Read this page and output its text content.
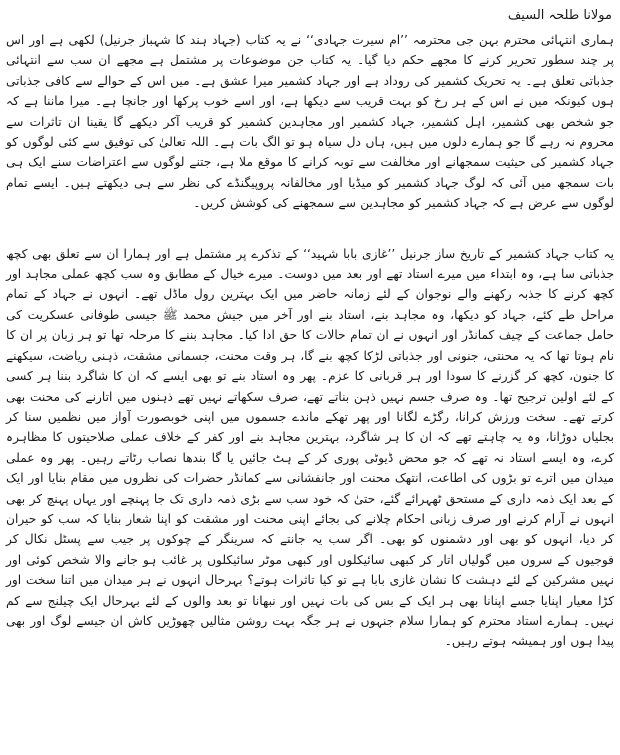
مولانا طلحہ السیف

ہماری انتہائی محترم بہن جی محترمہ ’’ام سیرت جہادی‘‘ نے یہ کتاب (جہاد ہند کا شہباز جرنیل) لکھی ہے اور اس پر چند سطور تحریر کرنے کا مجھے حکم دیا گیا۔ یہ کتاب جن موضوعات پر مشتمل ہے مجھے ان سب سے انتہائی جذباتی تعلق ہے۔ یہ تحریک کشمیر کی روداد ہے اور جہاد کشمیر میرا عشق ہے۔ میں اس کے حوالے سے کافی جذباتی ہوں کیونکہ میں نے اس کے ہر رخ کو بہت قریب سے دیکھا ہے، اور اسے خوب پرکھا اور جانچا ہے۔ میرا ماننا ہے کہ جو شخص بھی کشمیر، اہل کشمیر، جہاد کشمیر اور مجاہدین کشمیر کو قریب آکر دیکھے گا یقینا ان تاثرات سے محروم نہ رہے گا جو ہمارے دلوں میں ہیں، ہاں دل سیاہ ہو تو الگ بات ہے۔ اللہ تعالیٰ کی توفیق سے کئی لوگوں کو جہاد کشمیر کی حیثیت سمجھانے اور مخالفت سے توبہ کرانے کا موقع ملا ہے، جتنے لوگوں سے اعتراضات سنے ایک ہی بات سمجھ میں آئی کہ لوگ جہاد کشمیر کو میڈیا اور مخالفانہ پروپیگنڈے کی نظر سے ہی دیکھتے ہیں۔ ایسے تمام لوگوں سے عرض ہے کہ جہاد کشمیر کو مجاہدین سے سمجھنے کی کوشش کریں۔

یہ کتاب جہاد کشمیر کے تاریخ ساز جرنیل ’’غازی بابا شہید‘‘ کے تذکرے پر مشتمل ہے اور ہمارا ان سے تعلق بھی کچھ جذباتی سا ہے، وہ ابتداء میں میرے استاد تھے اور بعد میں دوست۔ میرے خیال کے مطابق وہ سب کچھ عملی مجاہد اور کچھ کرنے کا جذبہ رکھنے والے نوجوان کے لئے زمانہ حاضر میں ایک بہترین رول ماڈل تھے۔ انہوں نے جہاد کے تمام مراحل طے کئے، جہاد کو دیکھا، وہ مجاہد بنے، استاد بنے اور آخر میں جیش محمد ﷺ جیسی طوفانی عسکریت کی حامل جماعت کے چیف کمانڈر اور انہوں نے ان تمام حالات کا حق ادا کیا۔ مجاہد بننے کا مرحلہ تھا تو ہر زبان پر ان کا نام ہوتا تھا کہ یہ محنتی، جنونی اور جذباتی لڑکا کچھ بنے گا، ہر وقت محنت، جسمانی مشقت، ذہنی ریاضت، سیکھنے کا جنون، کچھ کر گزرنے کا سودا اور ہر قربانی کا عزم۔ پھر وہ استاد بنے تو بھی ایسے کہ ان کا شاگرد بننا ہر کسی کے لئے اولین ترجیح تھا۔ وہ صرف جسم نہیں ذہن بناتے تھے، صرف سکھاتے نہیں تھے ذہنوں میں اتارنے کی محنت بھی کرتے تھے۔ سخت ورزش کرانا، رگڑے لگانا اور پھر تھکے ماندے جسموں میں اپنی خوبصورت آواز میں نظمیں سنا کر بجلیاں دوڑانا، وہ یہ چاہتے تھے کہ ان کا ہر شاگرد، بہترین مجاہد بنے اور کفر کے خلاف عملی صلاحیتوں کا مظاہرہ کرے، وہ ایسے استاد نہ تھے کہ جو محض ڈیوٹی پوری کر کے ہٹ جائیں یا گا بندھا نصاب رٹاتے رہیں۔ پھر وہ عملی میدان میں اترے تو بڑوں کی اطاعت، انتھک محنت اور جانفشانی سے کمانڈر حضرات کی نظروں میں مقام بنایا اور ایک کے بعد ایک ذمہ داری کے مستحق ٹھہرائے گئے، حتیٰ کہ خود سب سے بڑی ذمہ داری تک جا پہنچے اور یہاں پہنچ کر بھی انہوں نے آرام کرنے اور صرف زبانی احکام چلانے کی بجائے اپنی محنت اور مشقت کو اپنا شعار بنایا کہ سب کو حیران کر دیا، انہوں کو بھی اور دشمنوں کو بھی۔ اگر سب یہ جانتے کہ سرینگر کے چوکوں پر جیب سے پسٹل نکال کر فوجیوں کے سروں میں گولیاں اتار کر کبھی سائیکلوں اور کبھی موٹر سائیکلوں پر غائب ہو جانے والا شخص کوئی اور نہیں مشرکین کے لئے دہشت کا نشان غازی بابا ہے تو کیا تاثرات ہوتے؟ بہرحال انہوں نے ہر میدان میں اتنا سخت اور کڑا معیار اپنایا جسے اپنانا بھی ہر ایک کے بس کی بات نہیں اور نبھانا تو بعد والوں کے لئے بہرحال ایک چیلنج سے کم نہیں۔ ہمارے استاد محترم کو ہمارا سلام جنہوں نے ہر جگہ بہت روشن مثالیں چھوڑیں کاش ان جیسے لوگ اور بھی پیدا ہوں اور ہمیشہ ہوتے رہیں۔
